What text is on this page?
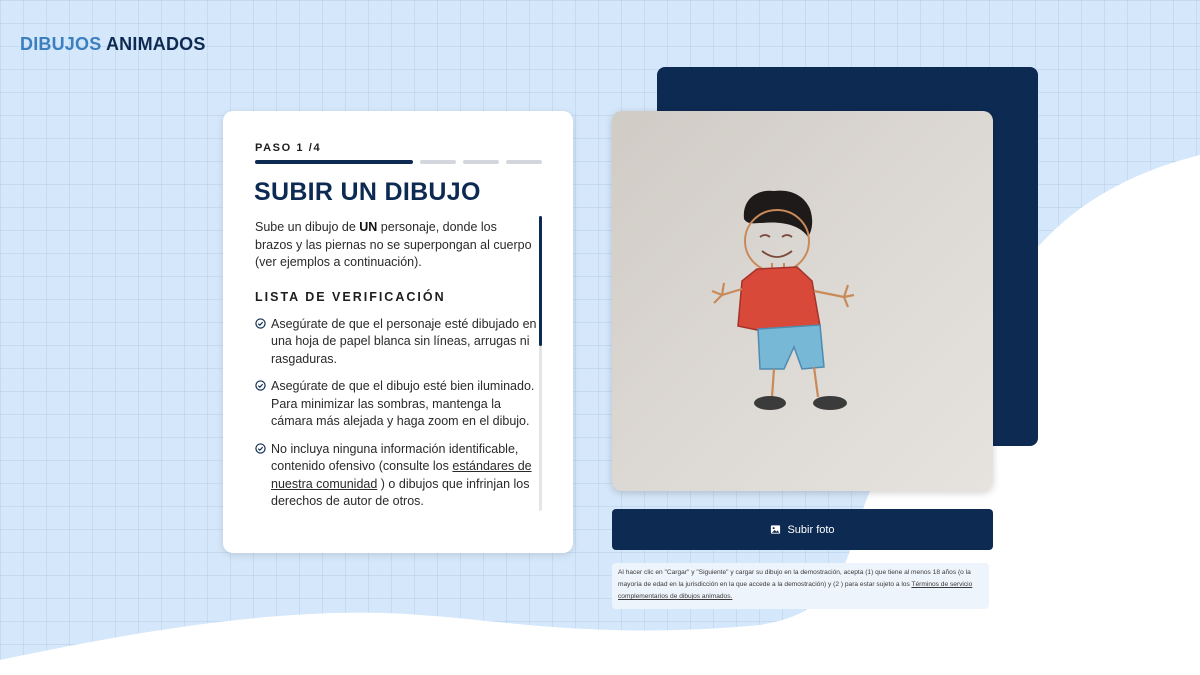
DIBUJOS ANIMADOS
PASO 1 /4
SUBIR UN DIBUJO

Sube un dibujo de UN personaje, donde los brazos y las piernas no se superpongan al cuerpo (ver ejemplos a continuación).

LISTA DE VERIFICACIÓN
Asegúrate de que el personaje esté dibujado en una hoja de papel blanca sin líneas, arrugas ni rasgaduras.
Asegúrate de que el dibujo esté bien iluminado. Para minimizar las sombras, mantenga la cámara más alejada y haga zoom en el dibujo.
No incluya ninguna información identificable, contenido ofensivo (consulte los estándares de nuestra comunidad ) o dibujos que infrinjan los derechos de autor de otros.
Subir foto
Al hacer clic en "Cargar" y "Siguiente" y cargar su dibujo en la demostración, acepta (1) que tiene al menos 18 años (o la mayoría de edad en la jurisdicción en la que accede a la demostración) y (2 ) para estar sujeto a los Términos de servicio complementarios de dibujos animados.
